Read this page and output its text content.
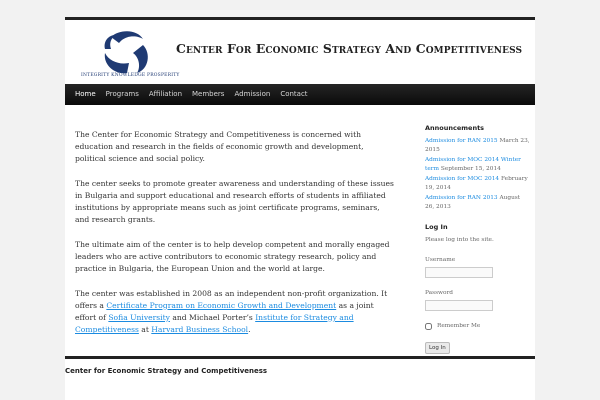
INTEGRITY KNOWLEDGE PROSPERITY
Center For Economic Strategy And Competitiveness
Home	Programs	Affiliation	Members	Admission	Contact

The Center for Economic Strategy and Competitiveness is concerned with education and research in the fields of economic growth and development, political science and social policy.

The center seeks to promote greater awareness and understanding of these issues in Bulgaria and support educational and research efforts of students in affiliated institutions by appropriate means such as joint certificate programs, seminars, and research grants.

The ultimate aim of the center is to help develop competent and morally engaged leaders who are active contributors to economic strategy research, policy and practice in Bulgaria, the European Union and the world at large.

The center was established in 2008 as an independent non-profit organization. It offers a Certificate Program on Economic Growth and Development as a joint effort of Sofia University and Michael Porter’s Institute for Strategy and Competitiveness at Harvard Business School.

Announcements
Admission for RAN 2015 March 23, 2015
Admission for MOC 2014 Winter term September 15, 2014
Admission for MOC 2014 February 19, 2014
Admission for RAN 2013 August 26, 2013
Log In

Please log into the site.

Username
Password
Remember Me
Log In
Center for Economic Strategy and Competitiveness
